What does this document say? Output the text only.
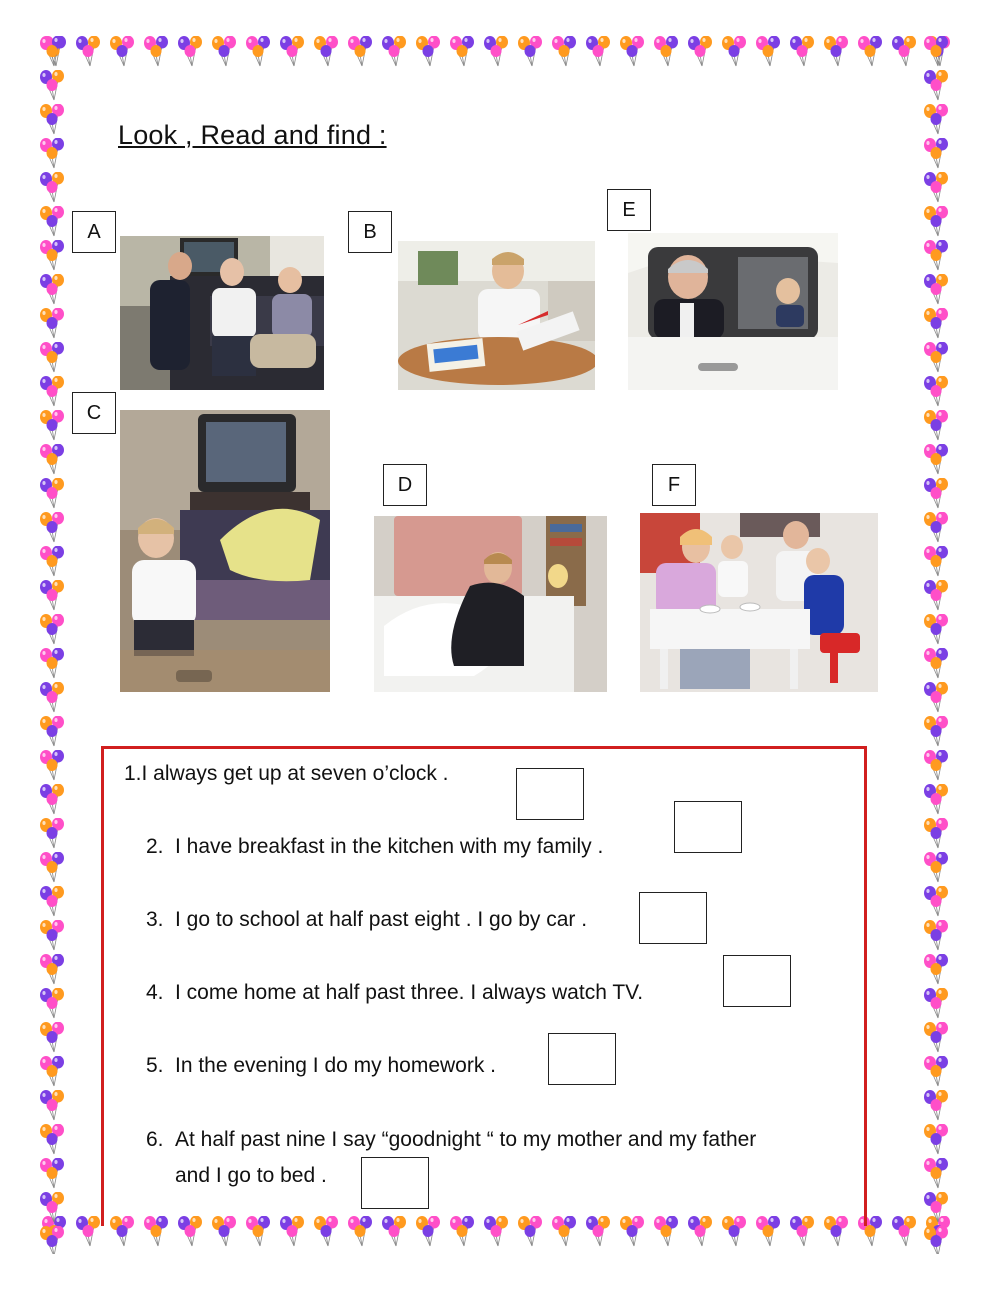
Look , Read and find :
A	B
C
D
E
F
1.I always get up at seven o’clock .
2. I have breakfast in the kitchen with my family .
3. I go to school at half past eight . I go by car .
4. I come home at half past three. I always watch TV.
5. In the evening I do my homework .
6. At half past nine I say “goodnight “ to my mother and my father
and I go to bed .
